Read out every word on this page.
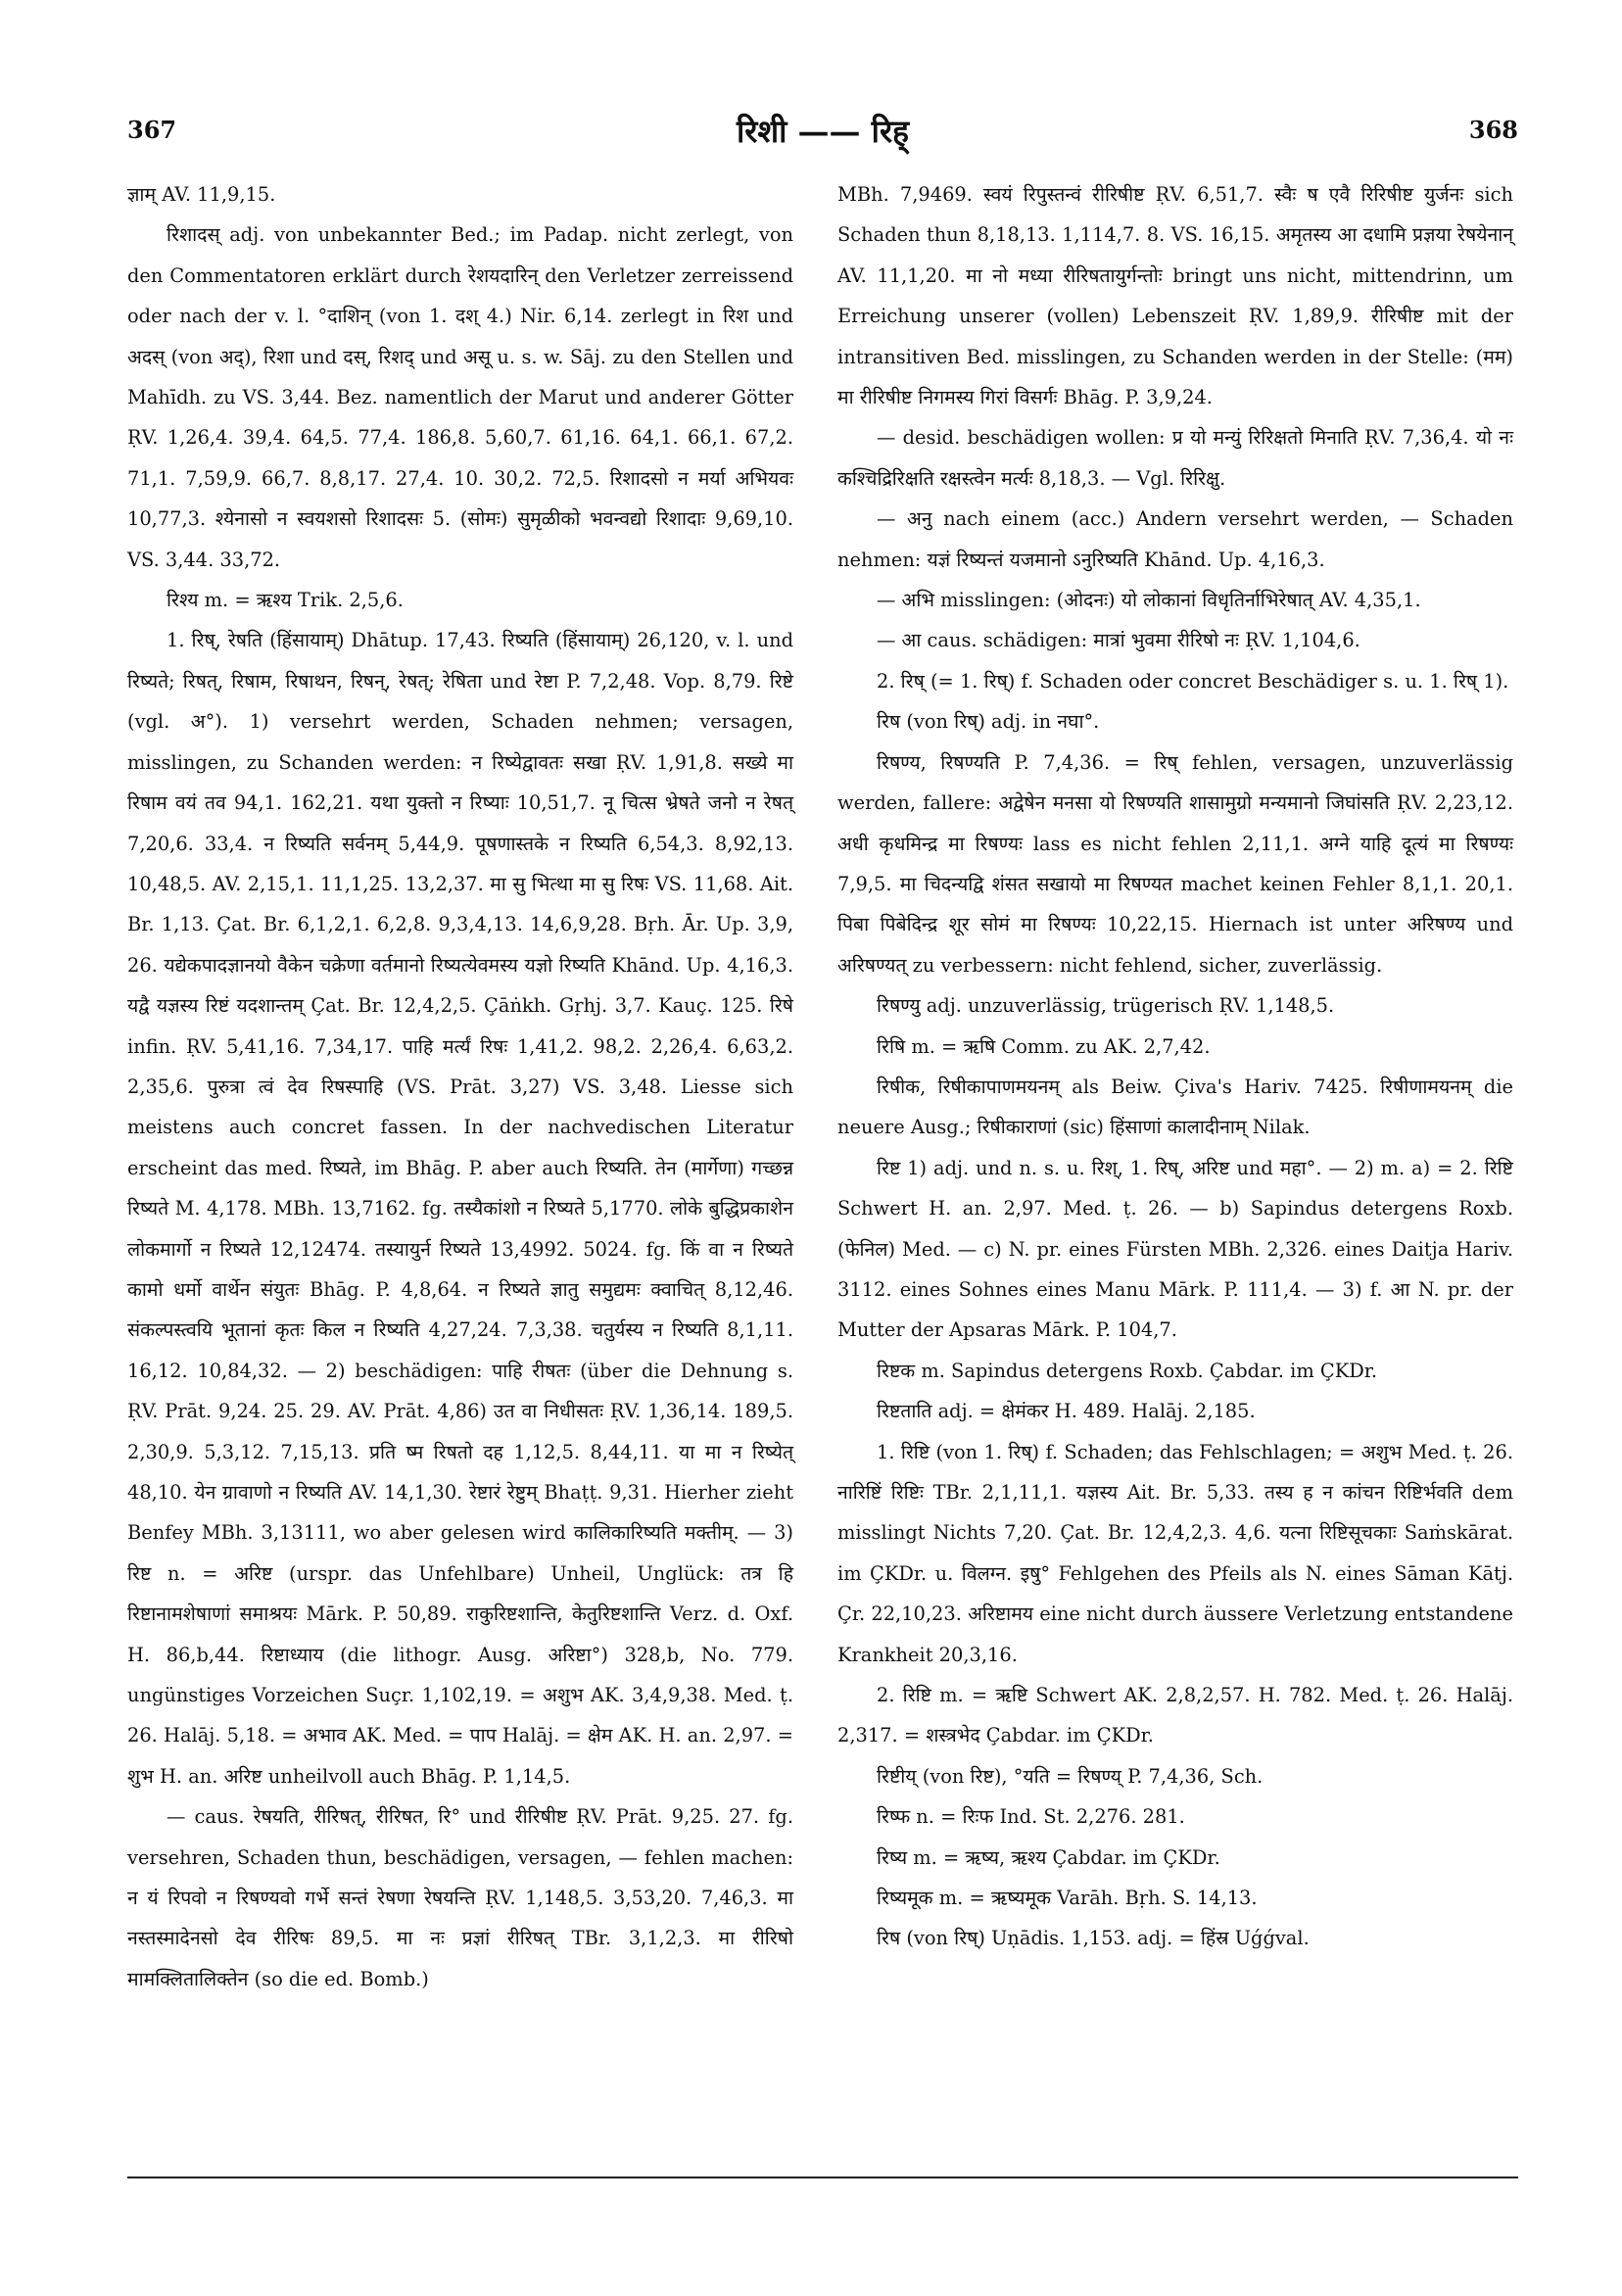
367	रिशी —— रिह्	368

ज्ञाम् AV. 11,9,15.

रिशादस् adj. von unbekannter Bed.; im Padap. nicht zerlegt, von den Commentatoren erklärt durch रेशयदारिन् den Verletzer zerreissend oder nach der v. l. °दाशिन् (von 1. दश् 4.) Nir. 6,14. zerlegt in रिश und अदस् (von अद्), रिशा und दस्, रिशद् und असू u. s. w. Sāj. zu den Stellen und Mahīdh. zu VS. 3,44. Bez. namentlich der Marut und anderer Götter ṚV. 1,26,4. 39,4. 64,5. 77,4. 186,8. 5,60,7. 61,16. 64,1. 66,1. 67,2. 71,1. 7,59,9. 66,7. 8,8,17. 27,4. 10. 30,2. 72,5. रिशादसो न मर्या अभियवः 10,77,3. श्येनासो न स्वयशसो रिशादसः 5. (सोमः) सुमृळीको भवन्वद्यो रिशादाः 9,69,10. VS. 3,44. 33,72.

रिश्य m. = ऋश्य Trik. 2,5,6.

1. रिष्, रेषति (हिंसायाम्) Dhātup. 17,43. रिष्यति (हिंसायाम्) 26,120, v. l. und रिष्यते; रिषत्, रिषाम, रिषाथन, रिषन्, रेषत्; रेषिता und रेष्टा P. 7,2,48. Vop. 8,79. रिष्टे (vgl. अ°). 1) versehrt werden, Schaden nehmen; versagen, misslingen, zu Schanden werden: न रिष्येद्वावतः सखा ṚV. 1,91,8. सख्ये मा रिषाम वयं तव 94,1. 162,21. यथा युक्तो न रिष्याः 10,51,7. नू चित्स भ्रेषते जनो न रेषत् 7,20,6. 33,4. न रिष्यति सर्वनम् 5,44,9. पूषणास्तके न रिष्यति 6,54,3. 8,92,13. 10,48,5. AV. 2,15,1. 11,1,25. 13,2,37. मा सु भित्था मा सु रिषः VS. 11,68. Ait. Br. 1,13. Çat. Br. 6,1,2,1. 6,2,8. 9,3,4,13. 14,6,9,28. Bṛh. Ār. Up. 3,9, 26. यद्येकपादज्ञानयो वैकेन चक्रेणा वर्तमानो रिष्यत्येवमस्य यज्ञो रिष्यति Khānd. Up. 4,16,3. यद्वै यज्ञस्य रिष्टं यदशान्तम् Çat. Br. 12,4,2,5. Çāṅkh. Gṛhj. 3,7. Kauç. 125. रिषे infin. ṚV. 5,41,16. 7,34,17. पाहि मर्त्यं रिषः 1,41,2. 98,2. 2,26,4. 6,63,2. 2,35,6. पुरुत्रा त्वं देव रिषस्पाहि (VS. Prāt. 3,27) VS. 3,48. Liesse sich meistens auch concret fassen. In der nachvedischen Literatur erscheint das med. रिष्यते, im Bhāg. P. aber auch रिष्यति. तेन (मार्गेणा) गच्छन्न रिष्यते M. 4,178. MBh. 13,7162. fg. तस्यैकांशो न रिष्यते 5,1770. लोके बुद्धिप्रकाशेन लोकमार्गो न रिष्यते 12,12474. तस्यायुर्न रिष्यते 13,4992. 5024. fg. किं वा न रिष्यते कामो धर्मो वार्थेन संयुतः Bhāg. P. 4,8,64. न रिष्यते ज्ञातु समुद्यमः क्वाचित् 8,12,46. संकल्पस्त्वयि भूतानां कृतः किल न रिष्यति 4,27,24. 7,3,38. चतुर्यस्य न रिष्यति 8,1,11. 16,12. 10,84,32. — 2) beschädigen: पाहि रीषतः (über die Dehnung s. ṚV. Prāt. 9,24. 25. 29. AV. Prāt. 4,86) उत वा निधीसतः ṚV. 1,36,14. 189,5. 2,30,9. 5,3,12. 7,15,13. प्रति ष्म रिषतो दह 1,12,5. 8,44,11. या मा न रिष्येत् 48,10. येन ग्रावाणो न रिष्यति AV. 14,1,30. रेष्टारं रेष्टुम् Bhaṭṭ. 9,31. Hierher zieht Benfey MBh. 3,13111, wo aber gelesen wird कालिकारिष्यति मक्तीम्. — 3) रिष्ट n. = अरिष्ट (urspr. das Unfehlbare) Unheil, Unglück: तत्र हि रिष्टानामशेषाणां समाश्रयः Mārk. P. 50,89. राकुरिष्टशान्ति, केतुरिष्टशान्ति Verz. d. Oxf. H. 86,b,44. रिष्टाध्याय (die lithogr. Ausg. अरिष्टा°) 328,b, No. 779. ungünstiges Vorzeichen Suçr. 1,102,19. = अशुभ AK. 3,4,9,38. Med. ṭ. 26. Halāj. 5,18. = अभाव AK. Med. = पाप Halāj. = क्षेम AK. H. an. 2,97. = शुभ H. an. अरिष्ट unheilvoll auch Bhāg. P. 1,14,5.

— caus. रेषयति, रीरिषत्, रीरिषत, रि° und रीरिषीष्ट ṚV. Prāt. 9,25. 27. fg. versehren, Schaden thun, beschädigen, versagen, — fehlen machen: न यं रिपवो न रिषण्यवो गर्भे सन्तं रेषणा रेषयन्ति ṚV. 1,148,5. 3,53,20. 7,46,3. मा नस्तस्मादेनसो देव रीरिषः 89,5. मा नः प्रज्ञां रीरिषत् TBr. 3,1,2,3. मा रीरिषो मामक्लितालिक्तेन (so die ed. Bomb.)

MBh. 7,9469. स्वयं रिपुस्तन्वं रीरिषीष्ट ṚV. 6,51,7. स्वैः ष एवै रिरिषीष्ट युर्जनः sich Schaden thun 8,18,13. 1,114,7. 8. VS. 16,15. अमृतस्य आ दधामि प्रज्ञया रेषयेनान् AV. 11,1,20. मा नो मध्या रीरिषतायुर्गन्तोः bringt uns nicht, mittendrinn, um Erreichung unserer (vollen) Lebenszeit ṚV. 1,89,9. रीरिषीष्ट mit der intransitiven Bed. misslingen, zu Schanden werden in der Stelle: (मम) मा रीरिषीष्ट निगमस्य गिरां विसर्गः Bhāg. P. 3,9,24.

— desid. beschädigen wollen: प्र यो मन्युं रिरिक्षतो मिनाति ṚV. 7,36,4. यो नः कश्चिद्रिरिक्षति रक्षस्त्वेन मर्त्यः 8,18,3. — Vgl. रिरिक्षु.

— अनु nach einem (acc.) Andern versehrt werden, — Schaden nehmen: यज्ञं रिष्यन्तं यजमानो ऽनुरिष्यति Khānd. Up. 4,16,3.

— अभि misslingen: (ओदनः) यो लोकानां विधृतिर्नाभिरेषात् AV. 4,35,1.

— आ caus. schädigen: मात्रां भुवमा रीरिषो नः ṚV. 1,104,6.

2. रिष् (= 1. रिष्) f. Schaden oder concret Beschädiger s. u. 1. रिष् 1).

रिष (von रिष्) adj. in नघा°.

रिषण्य, रिषण्यति P. 7,4,36. = रिष् fehlen, versagen, unzuverlässig werden, fallere: अद्वेषेन मनसा यो रिषण्यति शासामुग्रो मन्यमानो जिघांसति ṚV. 2,23,12. अधी कृधमिन्द्र मा रिषण्यः lass es nicht fehlen 2,11,1. अग्ने याहि दूत्यं मा रिषण्यः 7,9,5. मा चिदन्यद्वि शंसत सखायो मा रिषण्यत machet keinen Fehler 8,1,1. 20,1. पिबा पिबेदिन्द्र शूर सोमं मा रिषण्यः 10,22,15. Hiernach ist unter अरिषण्य und अरिषण्यत् zu verbessern: nicht fehlend, sicher, zuverlässig.

रिषण्यु adj. unzuverlässig, trügerisch ṚV. 1,148,5.

रिषि m. = ऋषि Comm. zu AK. 2,7,42.

रिषीक, रिषीकापाणमयनम् als Beiw. Çiva's Hariv. 7425. रिषीणामयनम् die neuere Ausg.; रिषीकाराणां (sic) हिंसाणां कालादीनाम् Nilak.

रिष्ट 1) adj. und n. s. u. रिश्, 1. रिष्, अरिष्ट und महा°. — 2) m. a) = 2. रिष्टि Schwert H. an. 2,97. Med. ṭ. 26. — b) Sapindus detergens Roxb. (फेनिल) Med. — c) N. pr. eines Fürsten MBh. 2,326. eines Daitja Hariv. 3112. eines Sohnes eines Manu Mārk. P. 111,4. — 3) f. आ N. pr. der Mutter der Apsaras Mārk. P. 104,7.

रिष्टक m. Sapindus detergens Roxb. Çabdar. im ÇKDr.

रिष्टताति adj. = क्षेमंकर H. 489. Halāj. 2,185.

1. रिष्टि (von 1. रिष्) f. Schaden; das Fehlschlagen; = अशुभ Med. ṭ. 26. नारिष्टिं रिष्टिः TBr. 2,1,11,1. यज्ञस्य Ait. Br. 5,33. तस्य ह न कांचन रिष्टिर्भवति dem misslingt Nichts 7,20. Çat. Br. 12,4,2,3. 4,6. यत्ना रिष्टिसूचकाः Saṁskārat. im ÇKDr. u. विलग्न. इषु° Fehlgehen des Pfeils als N. eines Sāman Kātj. Çr. 22,10,23. अरिष्टामय eine nicht durch äussere Verletzung entstandene Krankheit 20,3,16.

2. रिष्टि m. = ऋष्टि Schwert AK. 2,8,2,57. H. 782. Med. ṭ. 26. Halāj. 2,317. = शस्त्रभेद Çabdar. im ÇKDr.

रिष्टीय् (von रिष्ट), °यति = रिषण्य् P. 7,4,36, Sch.

रिष्फ n. = रिःफ Ind. St. 2,276. 281.

रिष्य m. = ऋष्य, ऋश्य Çabdar. im ÇKDr.

रिष्यमूक m. = ऋष्यमूक Varāh. Bṛh. S. 14,13.

रिष (von रिष्) Uṇādis. 1,153. adj. = हिंस्र Uǵǵval.
